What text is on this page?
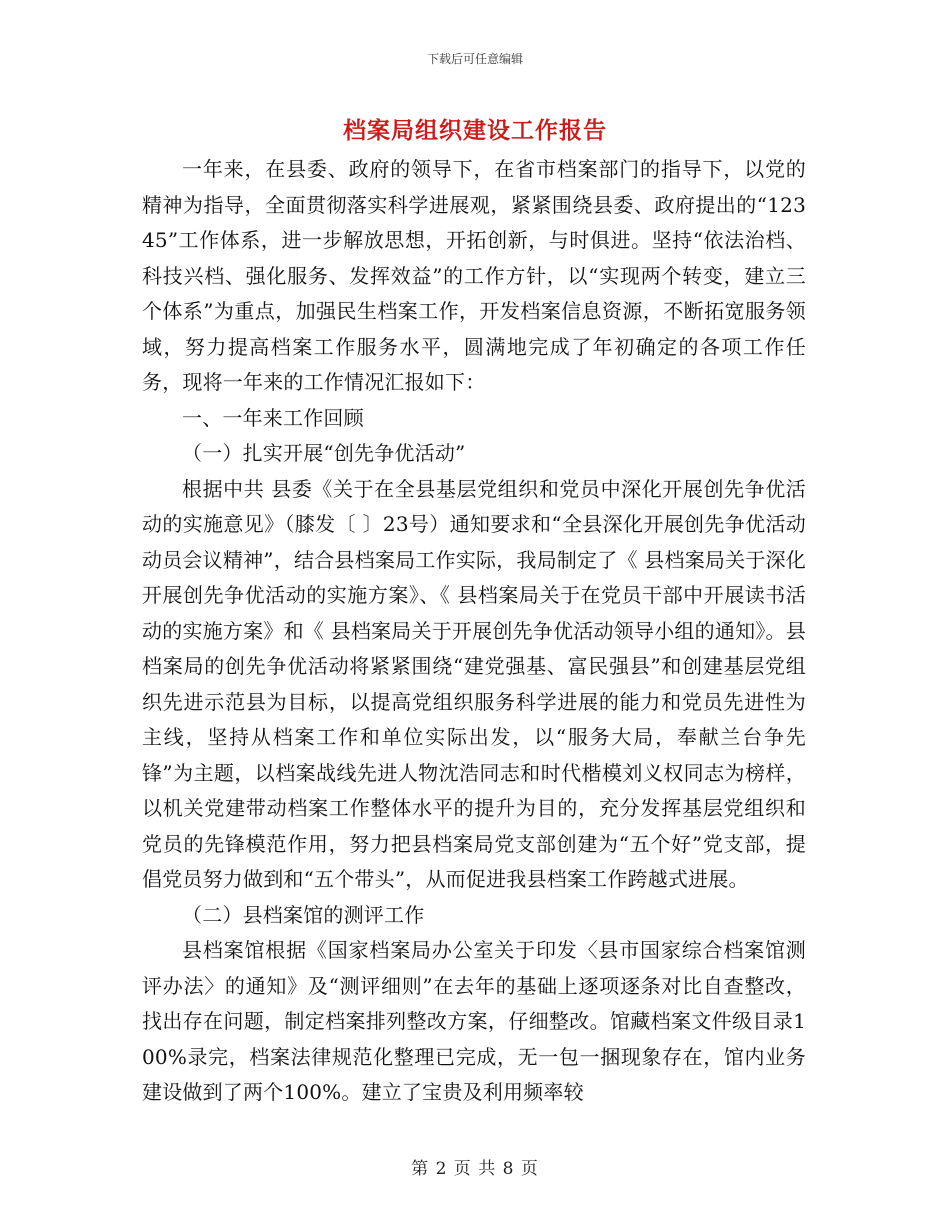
下载后可任意编辑
档案局组织建设工作报告

一年来，在县委、政府的领导下，在省市档案部门的指导下，以党的 精神为指导，全面贯彻落实科学进展观，紧紧围绕县委、政府提出的“12345”工作体系，进一步解放思想，开拓创新，与时俱进。坚持“依法治档、科技兴档、强化服务、发挥效益”的工作方针，以“实现两个转变，建立三个体系”为重点，加强民生档案工作，开发档案信息资源，不断拓宽服务领域，努力提高档案工作服务水平，圆满地完成了年初确定的各项工作任务，现将一年来的工作情况汇报如下：

一、一年来工作回顾

（一）扎实开展“创先争优活动”

根据中共 县委《关于在全县基层党组织和党员中深化开展创先争优活动的实施意见》（膝发〔 〕23号）通知要求和“全县深化开展创先争优活动动员会议精神”，结合县档案局工作实际，我局制定了《 县档案局关于深化开展创先争优活动的实施方案》、《 县档案局关于在党员干部中开展读书活动的实施方案》和《 县档案局关于开展创先争优活动领导小组的通知》。县档案局的创先争优活动将紧紧围绕“建党强基、富民强县”和创建基层党组织先进示范县为目标，以提高党组织服务科学进展的能力和党员先进性为主线，坚持从档案工作和单位实际出发，以“服务大局，奉献兰台争先锋”为主题，以档案战线先进人物沈浩同志和时代楷模刘义权同志为榜样，以机关党建带动档案工作整体水平的提升为目的，充分发挥基层党组织和党员的先锋模范作用，努力把县档案局党支部创建为“五个好”党支部，提倡党员努力做到和“五个带头”，从而促进我县档案工作跨越式进展。

（二）县档案馆的测评工作

县档案馆根据《国家档案局办公室关于印发〈县市国家综合档案馆测评办法〉的通知》及“测评细则”在去年的基础上逐项逐条对比自查整改，找出存在问题，制定档案排列整改方案，仔细整改。馆藏档案文件级目录100%录完，档案法律规范化整理已完成，无一包一捆现象存在，馆内业务建设做到了两个100%。建立了宝贵及利用频率较

第 2 页 共 8 页
